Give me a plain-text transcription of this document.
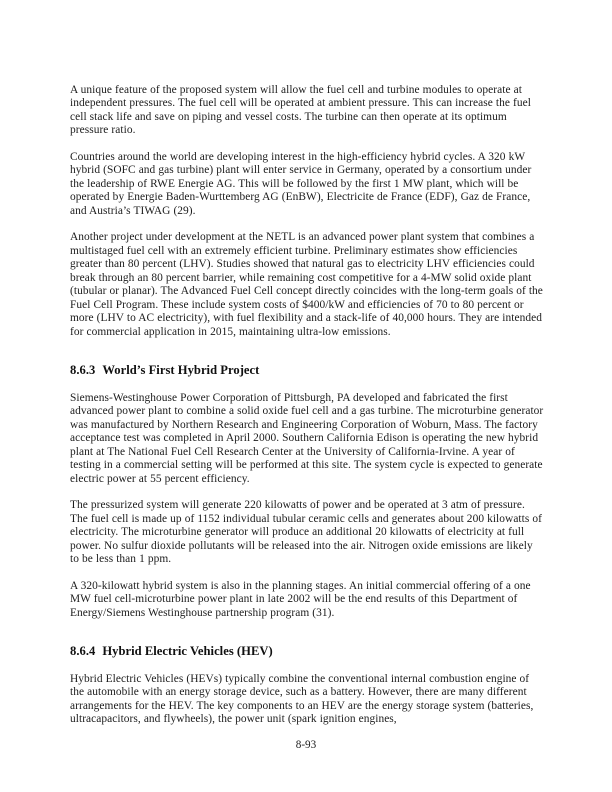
A unique feature of the proposed system will allow the fuel cell and turbine modules to operate at independent pressures. The fuel cell will be operated at ambient pressure. This can increase the fuel cell stack life and save on piping and vessel costs. The turbine can then operate at its optimum pressure ratio.

Countries around the world are developing interest in the high-efficiency hybrid cycles. A 320 kW hybrid (SOFC and gas turbine) plant will enter service in Germany, operated by a consortium under the leadership of RWE Energie AG. This will be followed by the first 1 MW plant, which will be operated by Energie Baden-Wurttemberg AG (EnBW), Electricite de France (EDF), Gaz de France, and Austria’s TIWAG (29).

Another project under development at the NETL is an advanced power plant system that combines a multistaged fuel cell with an extremely efficient turbine. Preliminary estimates show efficiencies greater than 80 percent (LHV). Studies showed that natural gas to electricity LHV efficiencies could break through an 80 percent barrier, while remaining cost competitive for a 4-MW solid oxide plant (tubular or planar). The Advanced Fuel Cell concept directly coincides with the long-term goals of the Fuel Cell Program. These include system costs of $400/kW and efficiencies of 70 to 80 percent or more (LHV to AC electricity), with fuel flexibility and a stack-life of 40,000 hours. They are intended for commercial application in 2015, maintaining ultra-low emissions.

8.6.3 World’s First Hybrid Project

Siemens-Westinghouse Power Corporation of Pittsburgh, PA developed and fabricated the first advanced power plant to combine a solid oxide fuel cell and a gas turbine. The microturbine generator was manufactured by Northern Research and Engineering Corporation of Woburn, Mass. The factory acceptance test was completed in April 2000. Southern California Edison is operating the new hybrid plant at The National Fuel Cell Research Center at the University of California-Irvine. A year of testing in a commercial setting will be performed at this site. The system cycle is expected to generate electric power at 55 percent efficiency.

The pressurized system will generate 220 kilowatts of power and be operated at 3 atm of pressure. The fuel cell is made up of 1152 individual tubular ceramic cells and generates about 200 kilowatts of electricity. The microturbine generator will produce an additional 20 kilowatts of electricity at full power. No sulfur dioxide pollutants will be released into the air. Nitrogen oxide emissions are likely to be less than 1 ppm.

A 320-kilowatt hybrid system is also in the planning stages. An initial commercial offering of a one MW fuel cell-microturbine power plant in late 2002 will be the end results of this Department of Energy/Siemens Westinghouse partnership program (31).

8.6.4 Hybrid Electric Vehicles (HEV)

Hybrid Electric Vehicles (HEVs) typically combine the conventional internal combustion engine of the automobile with an energy storage device, such as a battery. However, there are many different arrangements for the HEV. The key components to an HEV are the energy storage system (batteries, ultracapacitors, and flywheels), the power unit (spark ignition engines,

8-93
